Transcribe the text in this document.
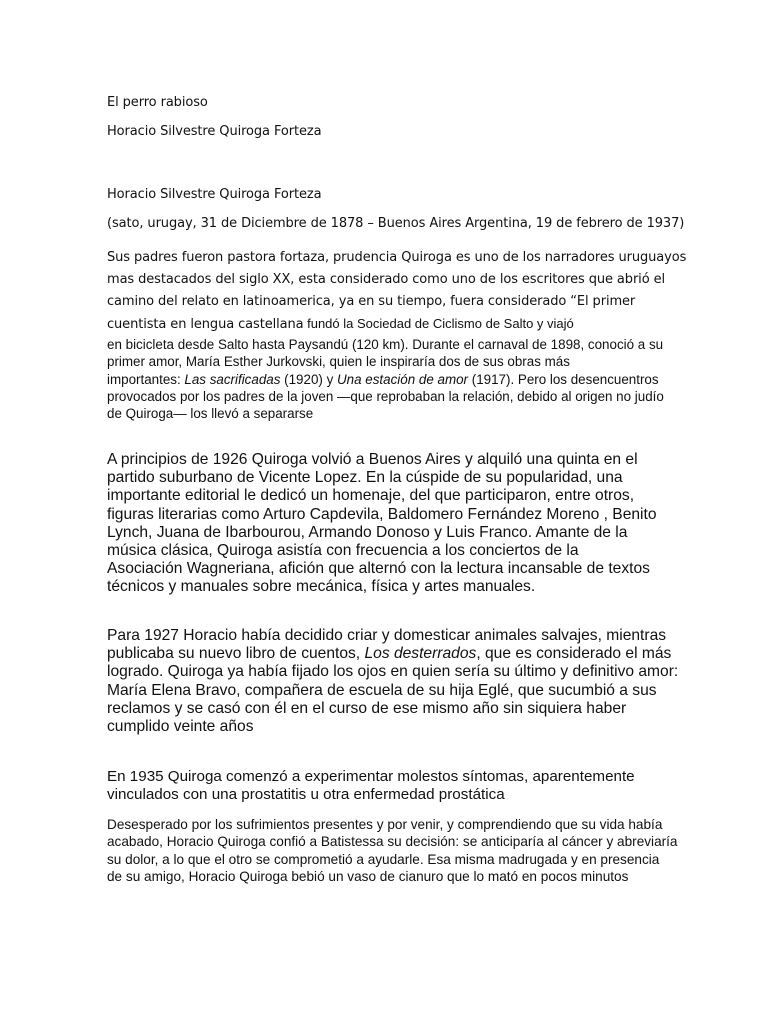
El perro rabioso

Horacio Silvestre Quiroga Forteza

Horacio Silvestre Quiroga Forteza

(sato, urugay, 31 de Diciembre de 1878 – Buenos Aires Argentina, 19 de febrero de 1937)

Sus padres fueron pastora fortaza, prudencia Quiroga es uno de los narradores uruguayos
mas destacados del siglo XX, esta considerado como uno de los escritores que abrió el
camino del relato en latinoamerica, ya en su tiempo, fuera considerado “El primer
cuentista en lengua castellana fundó la Sociedad de Ciclismo de Salto y viajó
en bicicleta desde Salto hasta Paysandú (120 km). Durante el carnaval de 1898, conoció a su
primer amor, María Esther Jurkovski, quien le inspiraría dos de sus obras más
importantes: Las sacrificadas (1920) y Una estación de amor (1917). Pero los desencuentros
provocados por los padres de la joven —que reprobaban la relación, debido al origen no judío
de Quiroga— los llevó a separarse
A principios de 1926 Quiroga volvió a Buenos Aires y alquiló una quinta en el
partido suburbano de Vicente Lopez. En la cúspide de su popularidad, una
importante editorial le dedicó un homenaje, del que participaron, entre otros,
figuras literarias como Arturo Capdevila, Baldomero Fernández Moreno , Benito
Lynch, Juana de Ibarbourou, Armando Donoso y Luis Franco. Amante de la
música clásica, Quiroga asistía con frecuencia a los conciertos de la
Asociación Wagneriana, afición que alternó con la lectura incansable de textos
técnicos y manuales sobre mecánica, física y artes manuales.
Para 1927 Horacio había decidido criar y domesticar animales salvajes, mientras
publicaba su nuevo libro de cuentos, Los desterrados, que es considerado el más
logrado. Quiroga ya había fijado los ojos en quien sería su último y definitivo amor:
María Elena Bravo, compañera de escuela de su hija Eglé, que sucumbió a sus
reclamos y se casó con él en el curso de ese mismo año sin siquiera haber
cumplido veinte años
En 1935 Quiroga comenzó a experimentar molestos síntomas, aparentemente
vinculados con una prostatitis u otra enfermedad prostática
Desesperado por los sufrimientos presentes y por venir, y comprendiendo que su vida había
acabado, Horacio Quiroga confió a Batistessa su decisión: se anticiparía al cáncer y abreviaría
su dolor, a lo que el otro se comprometió a ayudarle. Esa misma madrugada y en presencia
de su amigo, Horacio Quiroga bebió un vaso de cianuro que lo mató en pocos minutos
